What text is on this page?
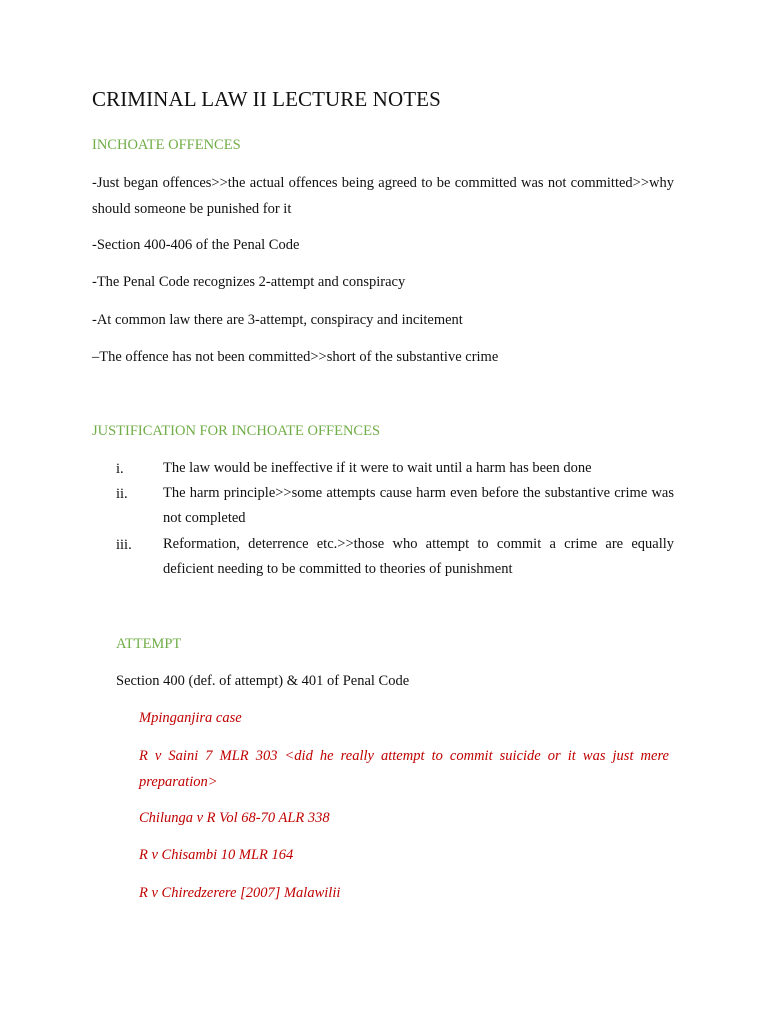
CRIMINAL LAW II LECTURE NOTES
INCHOATE OFFENCES
-Just began offences>>the actual offences being agreed to be committed was not committed>>why should someone be punished for it
-Section 400-406 of the Penal Code
-The Penal Code recognizes 2-attempt and conspiracy
-At common law there are 3-attempt, conspiracy and incitement
–The offence has not been committed>>short of the substantive crime
JUSTIFICATION FOR INCHOATE OFFENCES
i.	The law would be ineffective if it were to wait until a harm has been done
ii. The harm principle>>some attempts cause harm even before the substantive crime was not completed
iii. Reformation, deterrence etc.>>those who attempt to commit a crime are equally deficient needing to be committed to theories of punishment
ATTEMPT
Section 400 (def. of attempt) & 401 of Penal Code
Mpinganjira case
R v Saini 7 MLR 303 <did he really attempt to commit suicide or it was just mere preparation>
Chilunga v R Vol 68-70 ALR 338
R v Chisambi 10 MLR 164
R v Chiredzerere [2007] Malawilii
